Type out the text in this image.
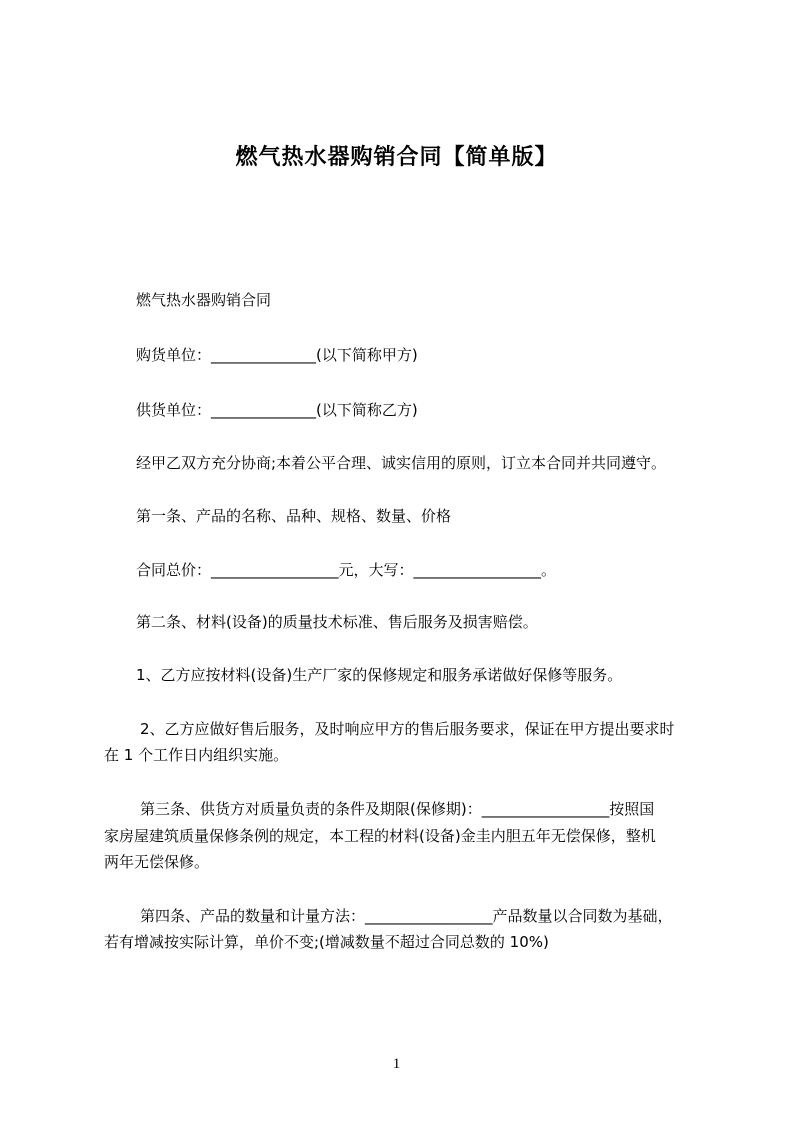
燃气热水器购销合同【简单版】
燃气热水器购销合同
购货单位：______________(以下简称甲方)
供货单位：______________(以下简称乙方)
经甲乙双方充分协商;本着公平合理、诚实信用的原则，订立本合同并共同遵守。
第一条、产品的名称、品种、规格、数量、价格
合同总价：_________________元，大写：_________________。
第二条、材料(设备)的质量技术标准、售后服务及损害赔偿。
1、乙方应按材料(设备)生产厂家的保修规定和服务承诺做好保修等服务。
2、乙方应做好售后服务，及时响应甲方的售后服务要求，保证在甲方提出要求时
在 1 个工作日内组织实施。
第三条、供货方对质量负责的条件及期限(保修期)：_________________按照国
家房屋建筑质量保修条例的规定，本工程的材料(设备)金圭内胆五年无偿保修，整机
两年无偿保修。
第四条、产品的数量和计量方法：_________________产品数量以合同数为基础，
若有增减按实际计算，单价不变;(增减数量不超过合同总数的 10%)
1
